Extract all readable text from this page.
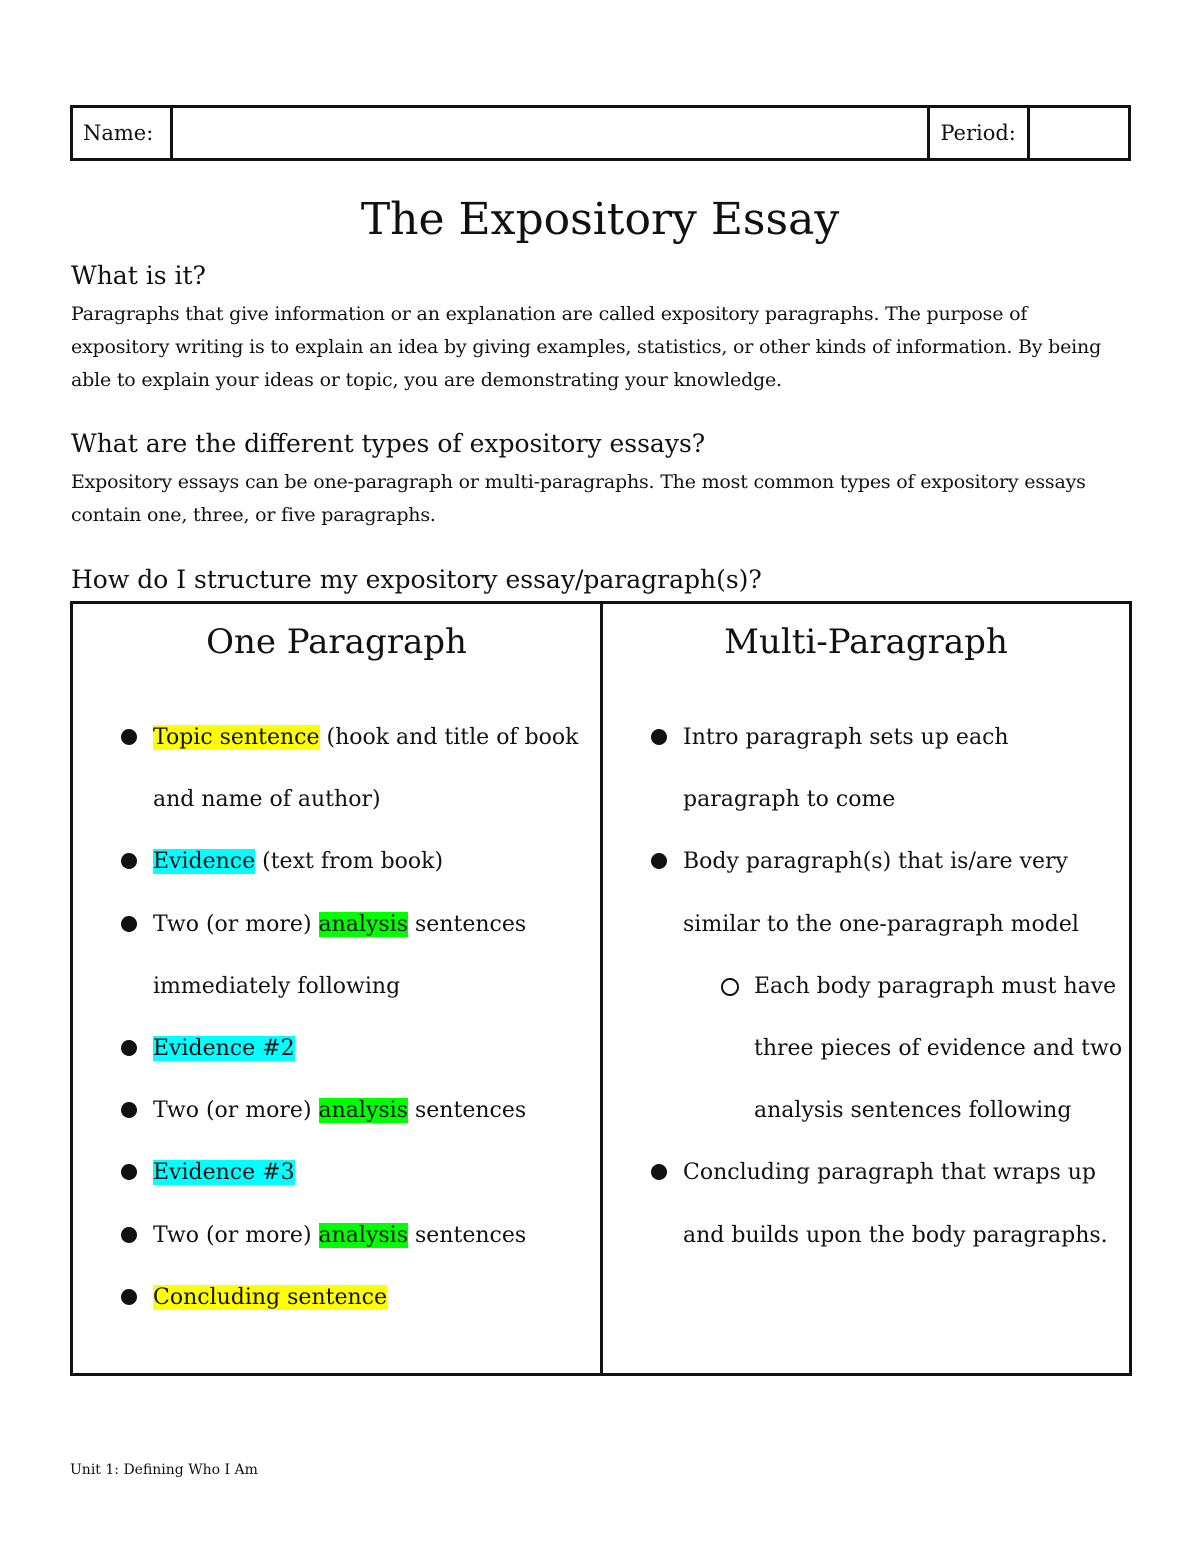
Name:		Period:	
The Expository Essay
What is it?

Paragraphs that give information or an explanation are called expository paragraphs. The purpose of expository writing is to explain an idea by giving examples, statistics, or other kinds of information. By being able to explain your ideas or topic, you are demonstrating your knowledge.

What are the different types of expository essays?

Expository essays can be one-paragraph or multi-paragraphs. The most common types of expository essays contain one, three, or five paragraphs.

How do I structure my expository essay/paragraph(s)?
One Paragraph
Topic sentence (hook and title of book and name of author)
Evidence (text from book)
Two (or more) analysis sentences immediately following
Evidence #2
Two (or more) analysis sentences
Evidence #3
Two (or more) analysis sentences
Concluding sentence
Multi-Paragraph
Intro paragraph sets up each paragraph to come
Body paragraph(s) that is/are very similar to the one-paragraph model
Each body paragraph must have three pieces of evidence and two analysis sentences following
Concluding paragraph that wraps up and builds upon the body paragraphs.

Unit 1: Defining Who I Am
